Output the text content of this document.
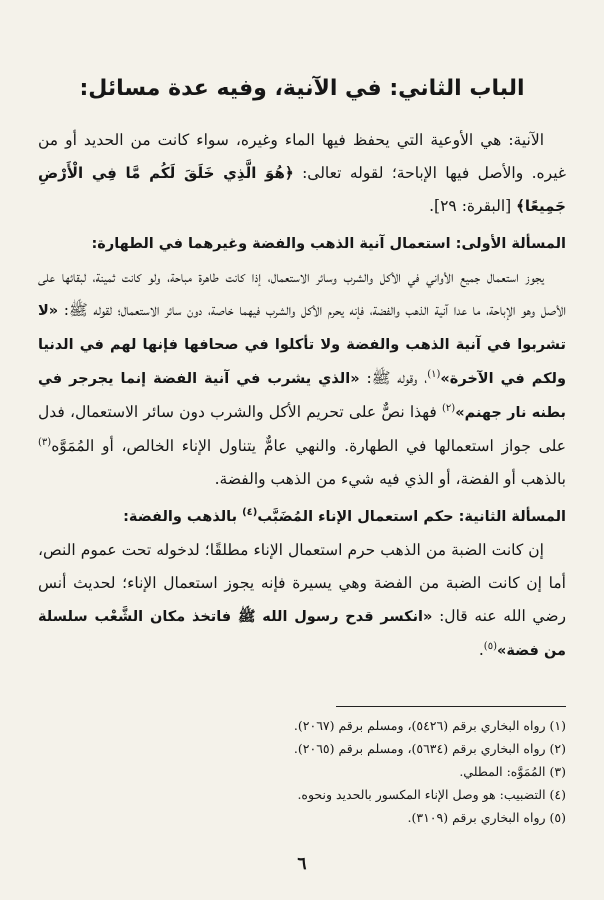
الباب الثاني: في الآنية، وفيه عدة مسائل:

الآنية: هي الأوعية التي يحفظ فيها الماء وغيره، سواء كانت من الحديد أو من غيره. والأصل فيها الإباحة؛ لقوله تعالى: ﴿هُوَ الَّذِي خَلَقَ لَكُم مَّا فِي الْأَرْضِ جَمِيعًا﴾ [البقرة: ٢٩].

المسألة الأولى: استعمال آنية الذهب والفضة وغيرهما في الطهارة:

يجوز استعمال جميع الأواني في الأكل والشرب وسائر الاستعمال، إذا كانت طاهرة مباحة، ولو كانت ثمينة، لبقائها على الأصل وهو الإباحة، ما عدا آنية الذهب والفضة، فإنه يحرم الأكل والشرب فيهما خاصة، دون سائر الاستعمال؛ لقوله ﷺ: «لا تشربوا في آنية الذهب والفضة ولا تأكلوا في صحافها فإنها لهم في الدنيا ولكم في الآخرة»$^{(١)}$، وقوله ﷺ: «الذي يشرب في آنية الفضة إنما يجرجر في بطنه نار جهنم»$^{(٢)}$ فهذا نصٌّ على تحريم الأكل والشرب دون سائر الاستعمال، فدل على جواز استعمالها في الطهارة. والنهي عامٌّ يتناول الإناء الخالص، أو المُمَوَّه$^{(٣)}$ بالذهب أو الفضة، أو الذي فيه شيء من الذهب والفضة.

المسألة الثانية: حكم استعمال الإناء المُضَبَّب$^{(٤)}$ بالذهب والفضة:

إن كانت الضبة من الذهب حرم استعمال الإناء مطلقًا؛ لدخوله تحت عموم النص، أما إن كانت الضبة من الفضة وهي يسيرة فإنه يجوز استعمال الإناء؛ لحديث أنس رضي الله عنه قال: «انكسر قدح رسول الله ﷺ فاتخذ مكان الشَّعْب سلسلة من فضة»$^{(٥)}$.

(١) رواه البخاري برقم (٥٤٢٦)، ومسلم برقم (٢٠٦٧).
(٢) رواه البخاري برقم (٥٦٣٤)، ومسلم برقم (٢٠٦٥).
(٣) المُمَوَّه: المطلي.
(٤) التضبيب: هو وصل الإناء المكسور بالحديد ونحوه.
(٥) رواه البخاري برقم (٣١٠٩).
٦
